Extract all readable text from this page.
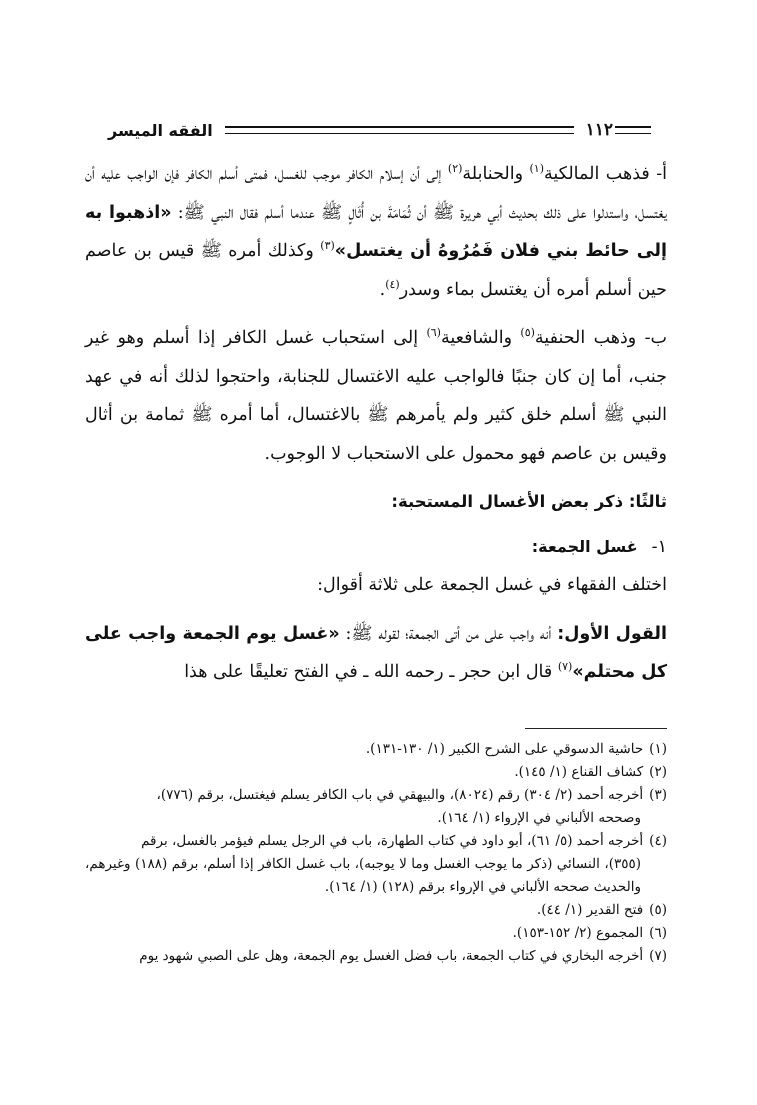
١١٢
الفقه الميسر

أ- فذهب المالكية$^{(١)}$ والحنابلة$^{(٢)}$ إلى أن إسلام الكافر موجب للغسل، فمتى أسلم الكافر فإن الواجب عليه أن يغتسل، واستدلوا على ذلك بحديث أبي هريرة ﷺ أن ثُمَامَةَ بن أُثَالٍ ﷺ عندما أسلم فقال النبي ﷺ: «اذهبوا به إلى حائط بني فلان فَمُرُوهُ أن يغتسل»$^{(٣)}$ وكذلك أمره ﷺ قيس بن عاصم حين أسلم أمره أن يغتسل بماء وسدر$^{(٤)}$.

ب- وذهب الحنفية$^{(٥)}$ والشافعية$^{(٦)}$ إلى استحباب غسل الكافر إذا أسلم وهو غير جنب، أما إن كان جنبًا فالواجب عليه الاغتسال للجنابة، واحتجوا لذلك أنه في عهد النبي ﷺ أسلم خلق كثير ولم يأمرهم ﷺ بالاغتسال، أما أمره ﷺ ثمامة بن أثال وقيس بن عاصم فهو محمول على الاستحباب لا الوجوب.

ثالثًا: ذكر بعض الأغسال المستحبة:
١-غسل الجمعة:

اختلف الفقهاء في غسل الجمعة على ثلاثة أقوال:

القول الأول: أنه واجب على من أتى الجمعة؛ لقوله ﷺ: «غسل يوم الجمعة واجب على كل محتلم»$^{(٧)}$ قال ابن حجر ـ رحمه الله ـ في الفتح تعليقًا على هذا

(١)حاشية الدسوقي على الشرح الكبير (١/ ١٣٠-١٣١).

(٢)كشاف القناع (١/ ١٤٥).

(٣)أخرجه أحمد (٢/ ٣٠٤) رقم (٨٠٢٤)، والبيهقي في باب الكافر يسلم فيغتسل، برقم (٧٧٦)،
وصححه الألباني في الإرواء (١/ ١٦٤).

(٤)أخرجه أحمد (٥/ ٦١)، أبو داود في كتاب الطهارة، باب في الرجل يسلم فيؤمر بالغسل، برقم
(٣٥٥)، النسائي (ذكر ما يوجب الغسل وما لا يوجبه)، باب غسل الكافر إذا أسلم، برقم (١٨٨) وغيرهم، والحديث صححه الألباني في الإرواء برقم (١٢٨) (١/ ١٦٤).

(٥)فتح القدير (١/ ٤٤).

(٦)المجموع (٢/ ١٥٢-١٥٣).

(٧)أخرجه البخاري في كتاب الجمعة، باب فضل الغسل يوم الجمعة، وهل على الصبي شهود يوم
